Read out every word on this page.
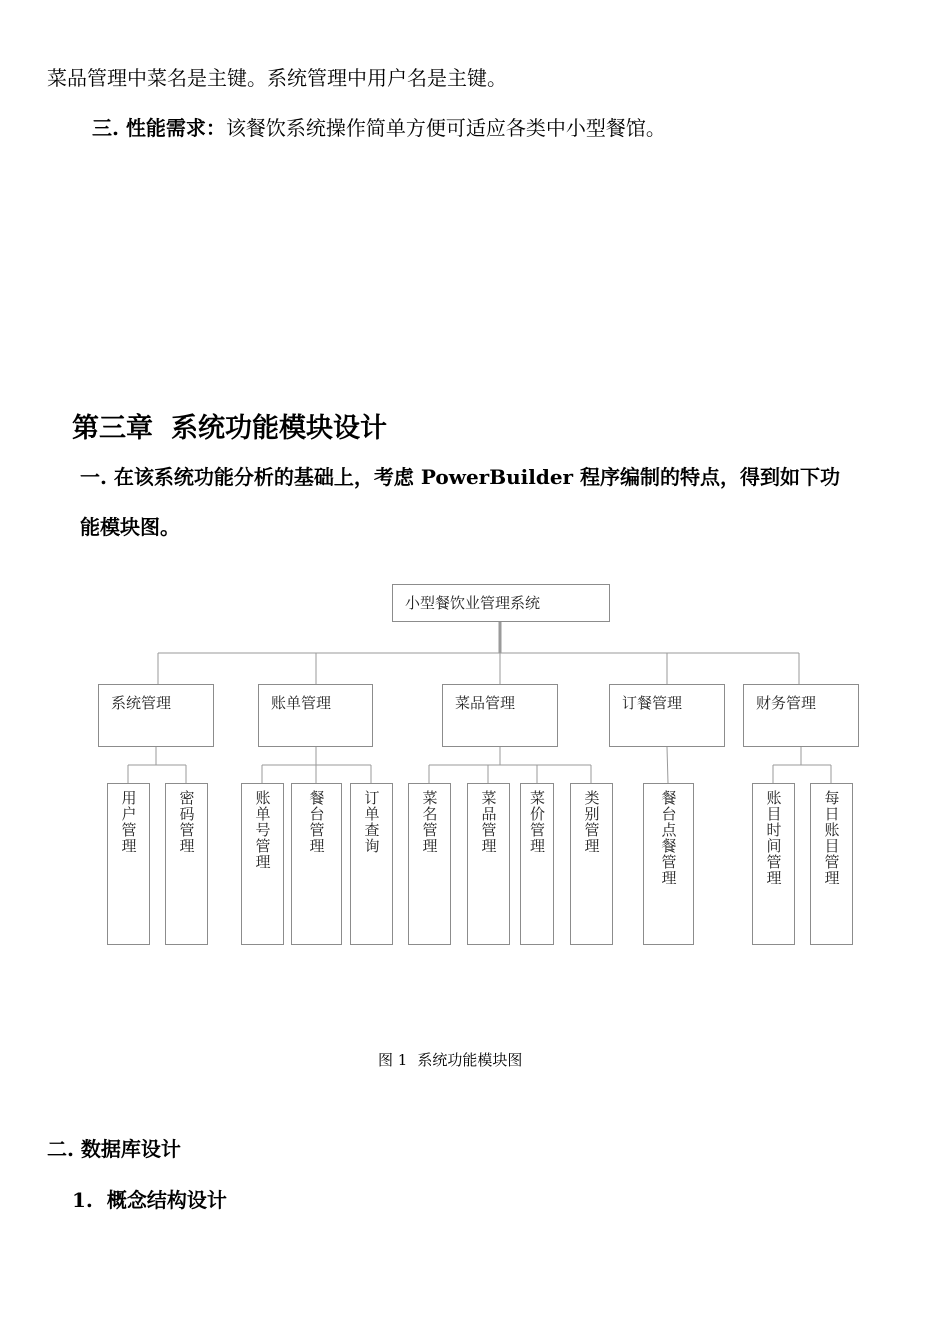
菜品管理中菜名是主键。系统管理中用户名是主键。
三. 性能需求：该餐饮系统操作简单方便可适应各类中小型餐馆。
第三章 系统功能模块设计
一. 在该系统功能分析的基础上，考虑 PowerBuilder 程序编制的特点，得到如下功
能模块图。
小型餐饮业管理系统
系统管理	账单管理	菜品管理	订餐管理	财务管理
用户管理	密码管理	账单号管理 餐台管理 订单查询	菜名管理	菜品管理 菜价管理 类别管理	餐台点餐管理	账目时间管理	每日账目管理
图 1 系统功能模块图
二. 数据库设计
1. 概念结构设计
